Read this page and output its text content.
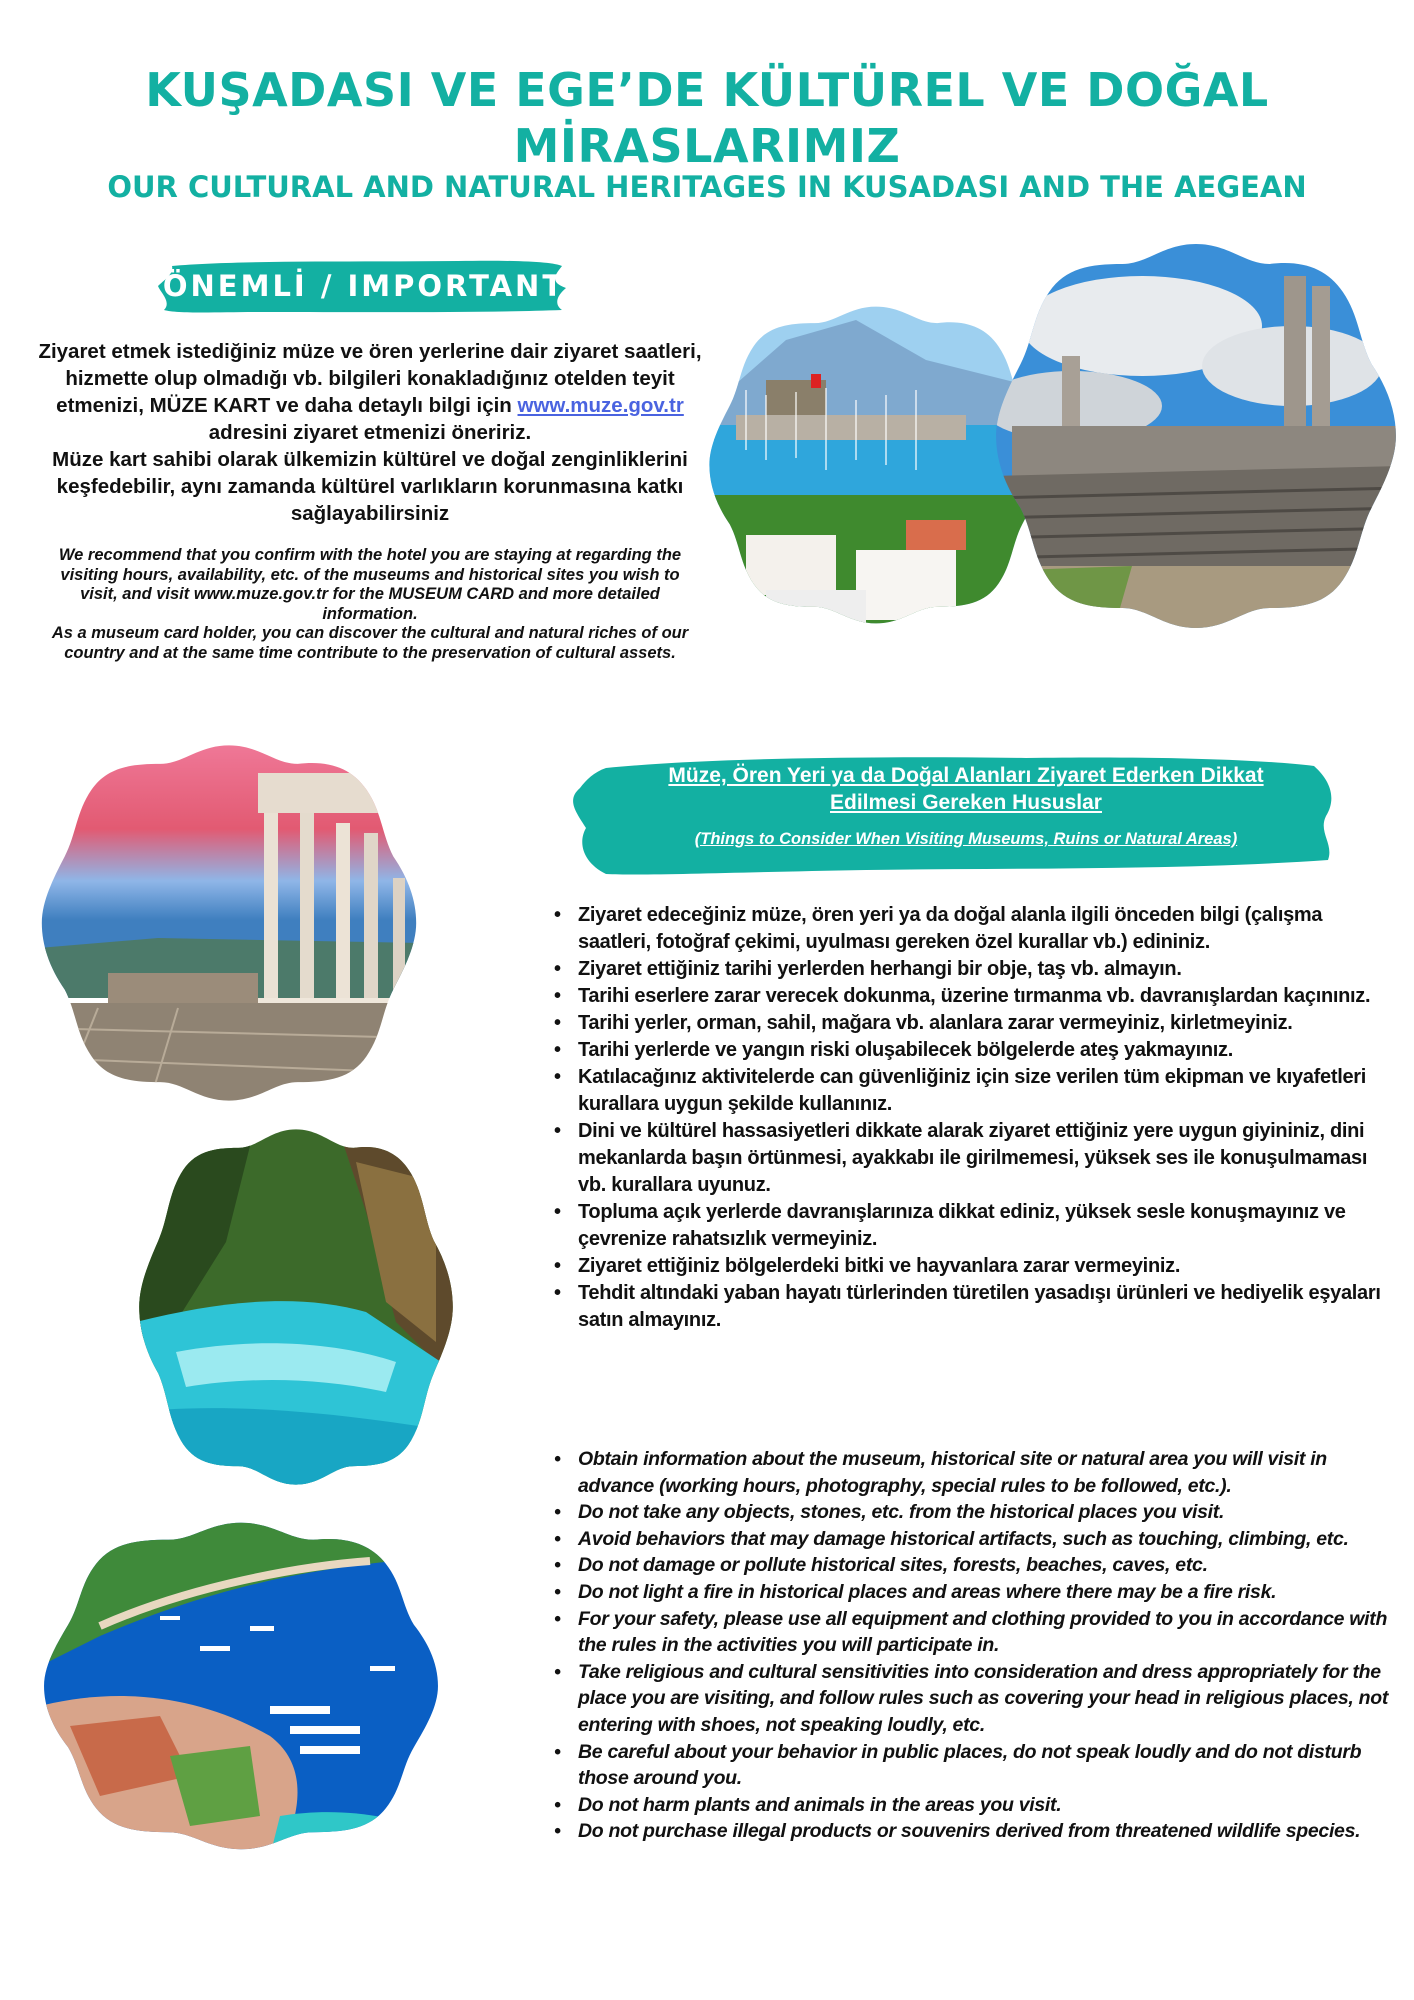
KUŞADASI VE EGE’DE KÜLTÜREL VE DOĞAL MİRASLARIMIZ
OUR CULTURAL AND NATURAL HERITAGES IN KUSADASI AND THE AEGEAN
ÖNEMLİ / IMPORTANT

Ziyaret etmek istediğiniz müze ve ören yerlerine dair ziyaret saatleri, hizmette olup olmadığı vb. bilgileri konakladığınız otelden teyit etmenizi, MÜZE KART ve daha detaylı bilgi için www.muze.gov.tr adresini ziyaret etmenizi öneririz.
Müze kart sahibi olarak ülkemizin kültürel ve doğal zenginliklerini keşfedebilir, aynı zamanda kültürel varlıkların korunmasına katkı sağlayabilirsiniz

We recommend that you confirm with the hotel you are staying at regarding the visiting hours, availability, etc. of the museums and historical sites you wish to visit, and visit www.muze.gov.tr for the MUSEUM CARD and more detailed information.
As a museum card holder, you can discover the cultural and natural riches of our country and at the same time contribute to the preservation of cultural assets.

Müze, Ören Yeri ya da Doğal Alanları Ziyaret Ederken Dikkat Edilmesi Gereken Hususlar
(Things to Consider When Visiting Museums, Ruins or Natural Areas)
• Ziyaret edeceğiniz müze, ören yeri ya da doğal alanla ilgili önceden bilgi (çalışma saatleri, fotoğraf çekimi, uyulması gereken özel kurallar vb.) edininiz.
• Ziyaret ettiğiniz tarihi yerlerden herhangi bir obje, taş vb. almayın.
• Tarihi eserlere zarar verecek dokunma, üzerine tırmanma vb. davranışlardan kaçınınız.
• Tarihi yerler, orman, sahil, mağara vb. alanlara zarar vermeyiniz, kirletmeyiniz.
• Tarihi yerlerde ve yangın riski oluşabilecek bölgelerde ateş yakmayınız.
• Katılacağınız aktivitelerde can güvenliğiniz için size verilen tüm ekipman ve kıyafetleri kurallara uygun şekilde kullanınız.
• Dini ve kültürel hassasiyetleri dikkate alarak ziyaret ettiğiniz yere uygun giyininiz, dini mekanlarda başın örtünmesi, ayakkabı ile girilmemesi, yüksek ses ile konuşulmaması vb. kurallara uyunuz.
• Topluma açık yerlerde davranışlarınıza dikkat ediniz, yüksek sesle konuşmayınız ve çevrenize rahatsızlık vermeyiniz.
• Ziyaret ettiğiniz bölgelerdeki bitki ve hayvanlara zarar vermeyiniz.
• Tehdit altındaki yaban hayatı türlerinden türetilen yasadışı ürünleri ve hediyelik eşyaları satın almayınız.
• Obtain information about the museum, historical site or natural area you will visit in advance (working hours, photography, special rules to be followed, etc.).
• Do not take any objects, stones, etc. from the historical places you visit.
• Avoid behaviors that may damage historical artifacts, such as touching, climbing, etc.
• Do not damage or pollute historical sites, forests, beaches, caves, etc.
• Do not light a fire in historical places and areas where there may be a fire risk.
• For your safety, please use all equipment and clothing provided to you in accordance with the rules in the activities you will participate in.
• Take religious and cultural sensitivities into consideration and dress appropriately for the place you are visiting, and follow rules such as covering your head in religious places, not entering with shoes, not speaking loudly, etc.
• Be careful about your behavior in public places, do not speak loudly and do not disturb those around you.
• Do not harm plants and animals in the areas you visit.
• Do not purchase illegal products or souvenirs derived from threatened wildlife species.
